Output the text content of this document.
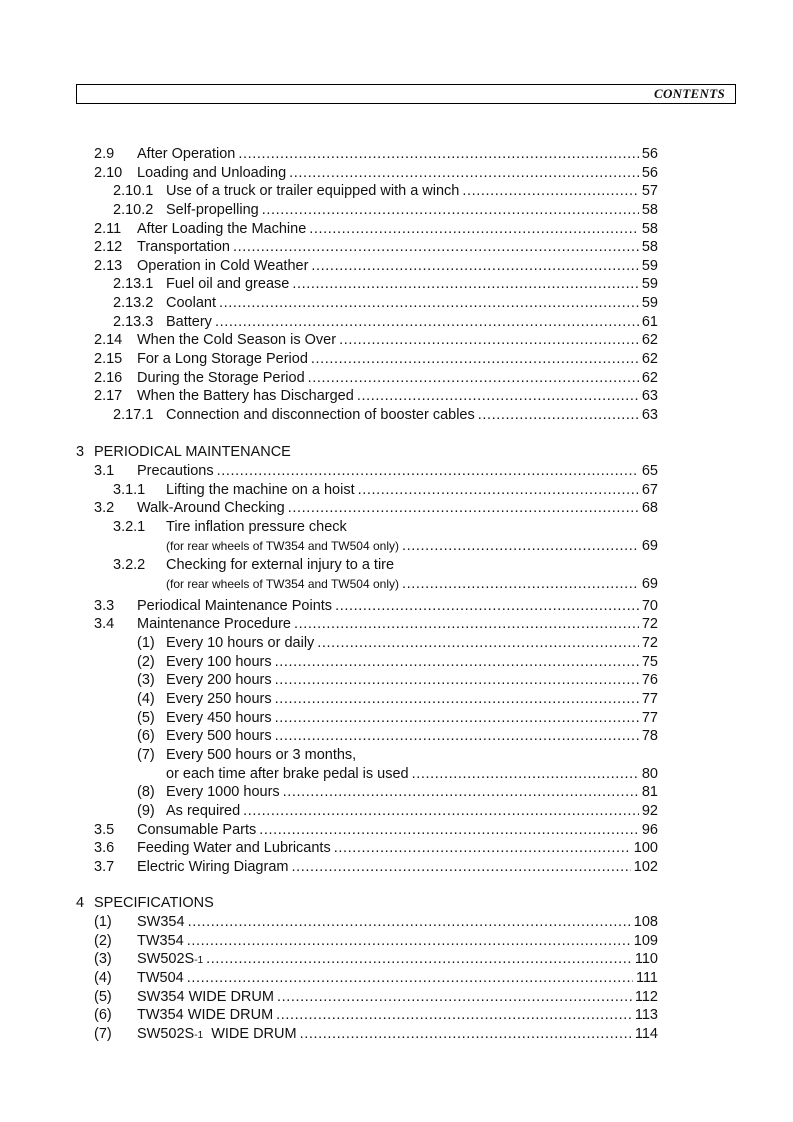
CONTENTS
2.9 After Operation .....	56
2.10 Loading and Unloading .....	56
2.10.1 Use of a truck or trailer equipped with a winch .....	57
2.10.2 Self-propelling .....	58
2.11 After Loading the Machine .....	58
2.12 Transportation .....	58
2.13 Operation in Cold Weather .....	59
2.13.1 Fuel oil and grease .....	59
2.13.2 Coolant .....	59
2.13.3 Battery .....	61
2.14 When the Cold Season is Over .....	62
2.15 For a Long Storage Period .....	62
2.16 During the Storage Period .....	62
2.17 When the Battery has Discharged .....	63
2.17.1 Connection and disconnection of booster cables .....	63
3 PERIODICAL MAINTENANCE
3.1 Precautions .....	65
3.1.1 Lifting the machine on a hoist .....	67
3.2 Walk-Around Checking .....	68
3.2.1 Tire inflation pressure check
(for rear wheels of TW354 and TW504 only) .....	69
3.2.2 Checking for external injury to a tire
(for rear wheels of TW354 and TW504 only) .....	69
3.3 Periodical Maintenance Points .....	70
3.4 Maintenance Procedure .....	72
(1) Every 10 hours or daily .....	72
(2) Every 100 hours .....	75
(3) Every 200 hours .....	76
(4) Every 250 hours .....	77
(5) Every 450 hours .....	77
(6) Every 500 hours .....	78
(7) Every 500 hours or 3 months,
or each time after brake pedal is used .....	80
(8) Every 1000 hours .....	81
(9) As required .....	92
3.5 Consumable Parts .....	96
3.6 Feeding Water and Lubricants .....	100
3.7 Electric Wiring Diagram .....	102
4 SPECIFICATIONS
(1) SW354 .....	108
(2) TW354 .....	109
(3) SW502S-1 .....	110
(4) TW504 .....	111
(5) SW354 WIDE DRUM .....	112
(6) TW354 WIDE DRUM .....	113
(7) SW502S-1  WIDE DRUM .....	114
